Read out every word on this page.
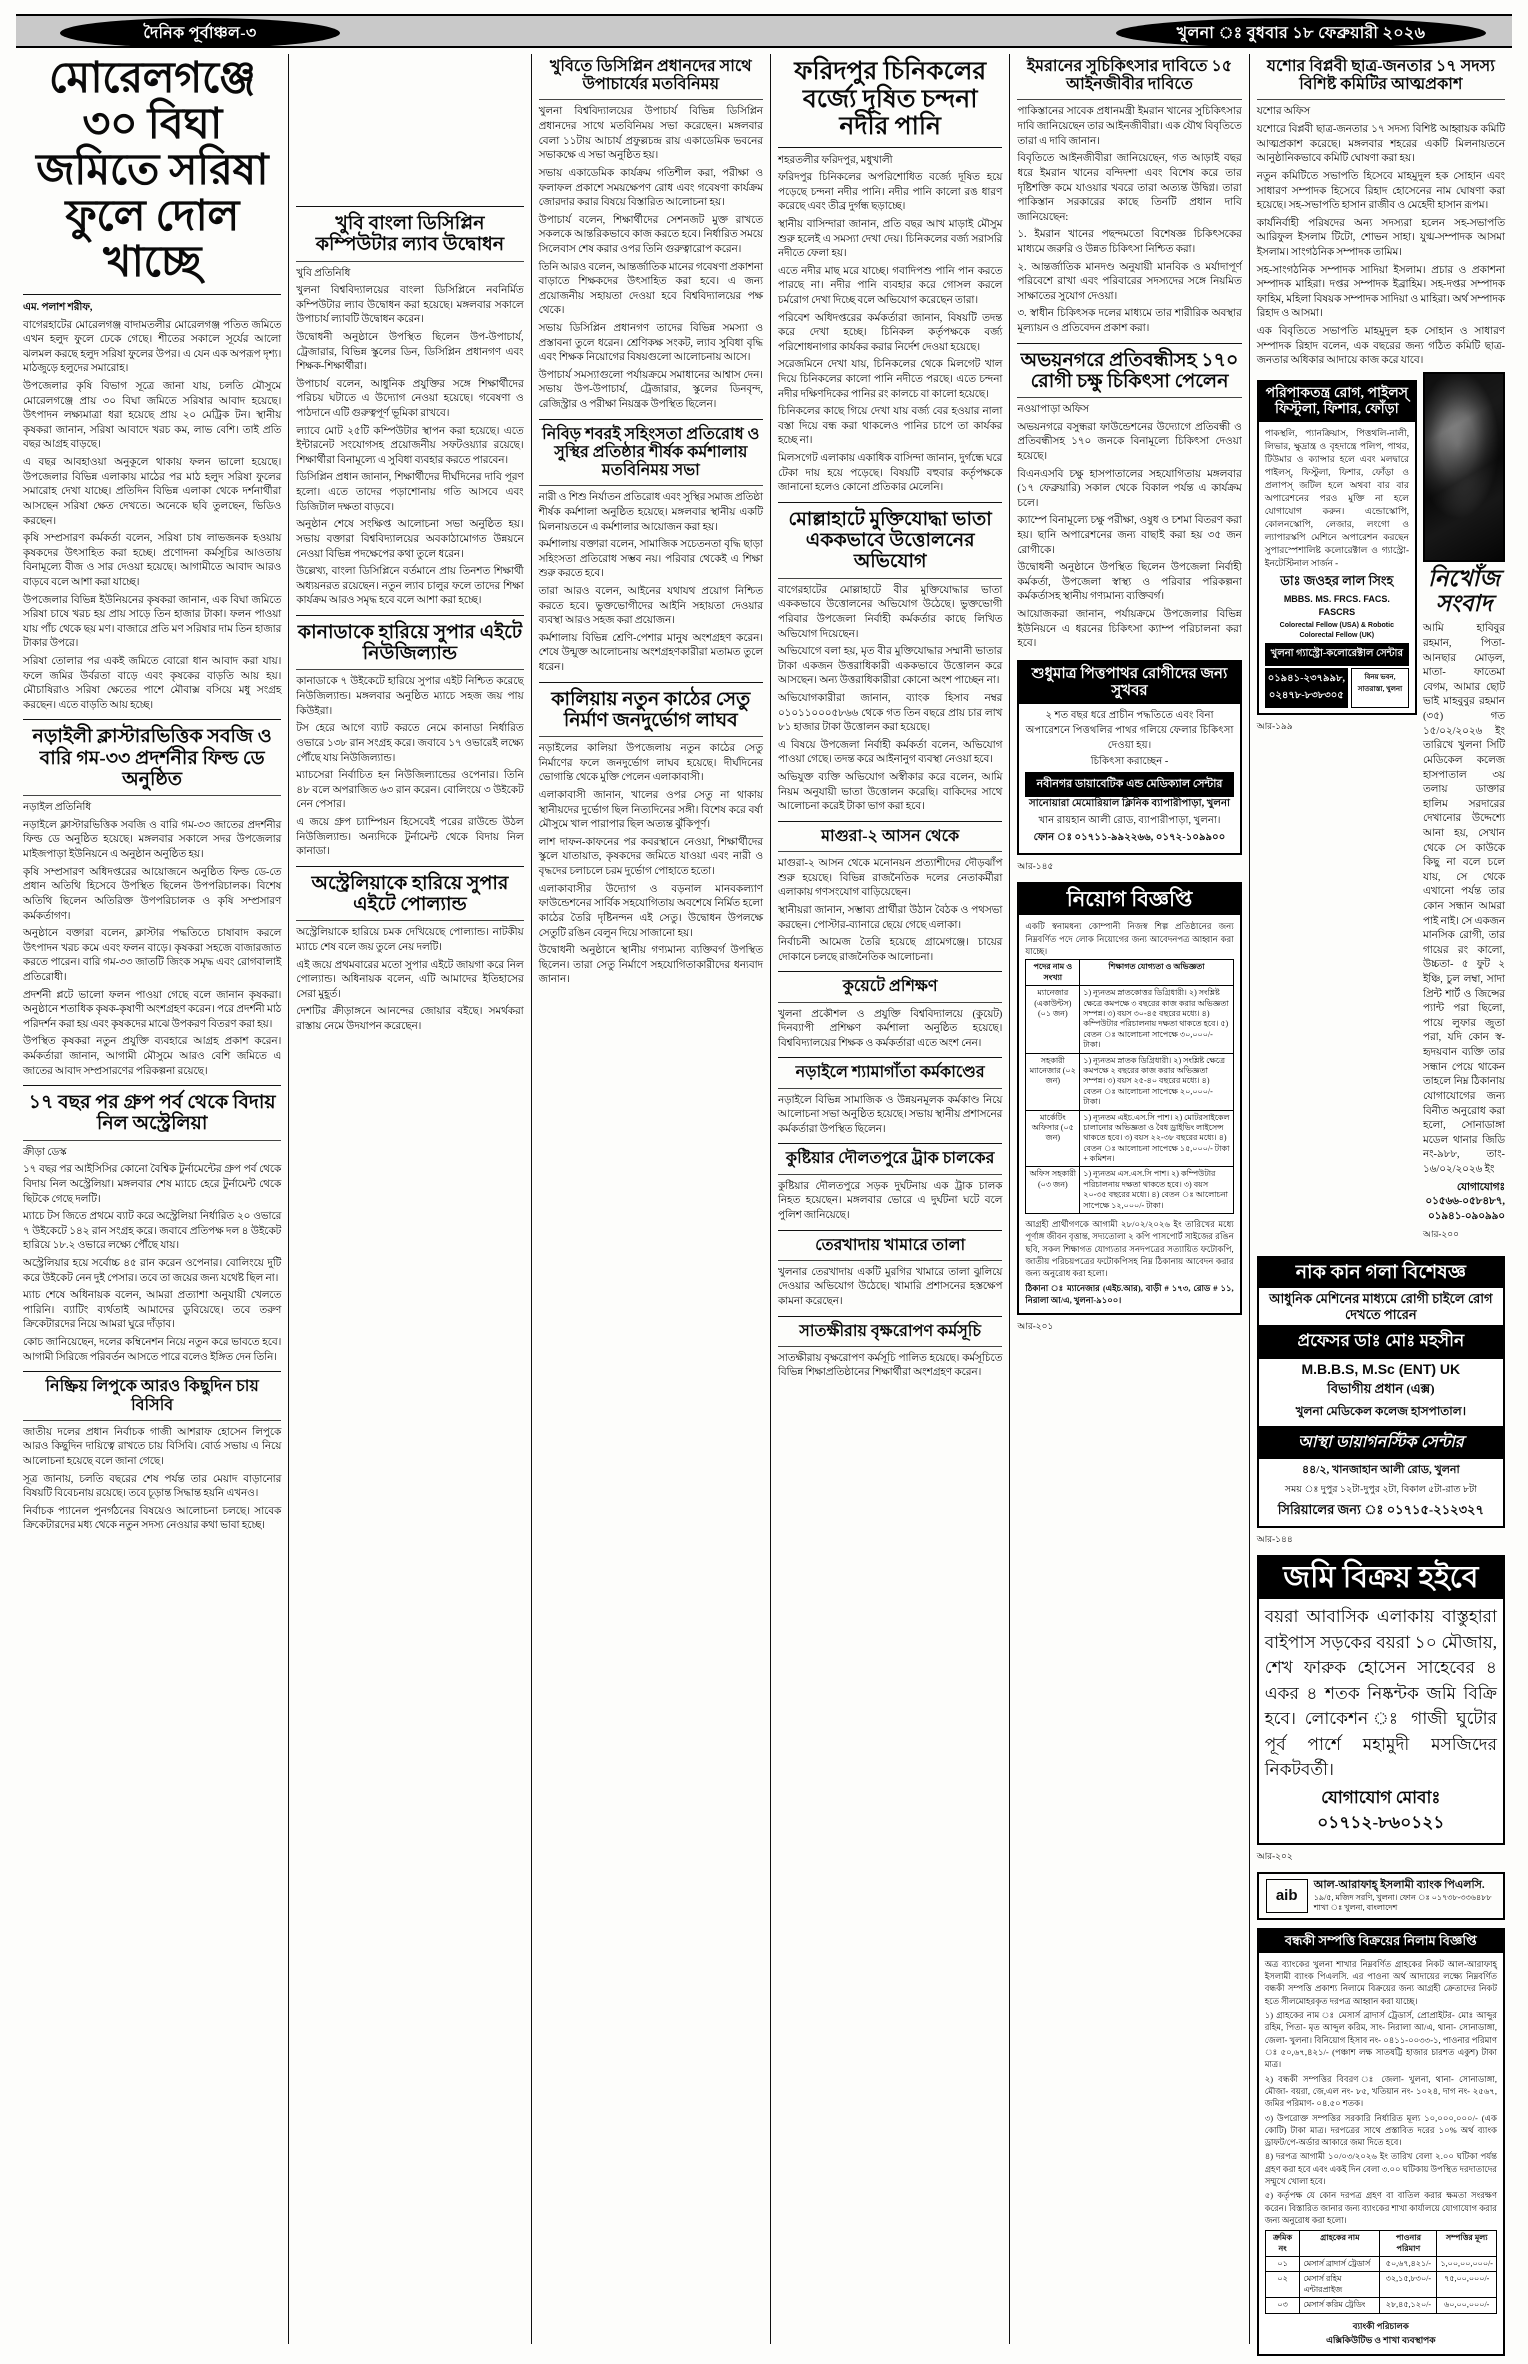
দৈনিক পূর্বাঞ্চল-৩	খুলনা ঃ বুধবার ১৮ ফেব্রুয়ারী ২০২৬
মোরেলগঞ্জে ৩০ বিঘা জমিতে সরিষা ফুলে দোল খাচ্ছে

এম. পলাশ শরীফ,

বাগেরহাটের মোরেলগঞ্জ বাদামতলীর মোরেলগঞ্জ পতিত জমিতে এখন হলুদ ফুলে ঢেকে গেছে। শীতের সকালে সূর্যের আলো ঝলমল করছে হলুদ সরিষা ফুলের উপর। এ যেন এক অপরূপ দৃশ্য। মাঠজুড়ে হলুদের সমারোহ।

উপজেলার কৃষি বিভাগ সূত্রে জানা যায়, চলতি মৌসুমে মোরেলগঞ্জে প্রায় ৩০ বিঘা জমিতে সরিষার আবাদ হয়েছে। উৎপাদন লক্ষ্যমাত্রা ধরা হয়েছে প্রায় ২০ মেট্রিক টন। স্থানীয় কৃষকরা জানান, সরিষা আবাদে খরচ কম, লাভ বেশি। তাই প্রতি বছর আগ্রহ বাড়ছে।

এ বছর আবহাওয়া অনুকূলে থাকায় ফলন ভালো হয়েছে। উপজেলার বিভিন্ন এলাকায় মাঠের পর মাঠ হলুদ সরিষা ফুলের সমারোহ দেখা যাচ্ছে। প্রতিদিন বিভিন্ন এলাকা থেকে দর্শনার্থীরা আসছেন সরিষা ক্ষেত দেখতে। অনেকে ছবি তুলছেন, ভিডিও করছেন।

কৃষি সম্প্রসারণ কর্মকর্তা বলেন, সরিষা চাষ লাভজনক হওয়ায় কৃষকদের উৎসাহিত করা হচ্ছে। প্রণোদনা কর্মসূচির আওতায় বিনামূল্যে বীজ ও সার দেওয়া হয়েছে। আগামীতে আবাদ আরও বাড়বে বলে আশা করা যাচ্ছে।

উপজেলার বিভিন্ন ইউনিয়নের কৃষকরা জানান, এক বিঘা জমিতে সরিষা চাষে খরচ হয় প্রায় সাড়ে তিন হাজার টাকা। ফলন পাওয়া যায় পাঁচ থেকে ছয় মণ। বাজারে প্রতি মণ সরিষার দাম তিন হাজার টাকার উপরে।

সরিষা তোলার পর একই জমিতে বোরো ধান আবাদ করা যায়। ফলে জমির উর্বরতা বাড়ে এবং কৃষকের বাড়তি আয় হয়। মৌচাষিরাও সরিষা ক্ষেতের পাশে মৌবাক্স বসিয়ে মধু সংগ্রহ করছেন। এতে বাড়তি আয় হচ্ছে।

নড়াইলী ক্লাস্টারভিত্তিক সবজি ও বারি গম-৩৩ প্রদর্শনীর ফিল্ড ডে অনুষ্ঠিত

নড়াইল প্রতিনিধি

নড়াইলে ক্লাস্টারভিত্তিক সবজি ও বারি গম-৩৩ জাতের প্রদর্শনীর ফিল্ড ডে অনুষ্ঠিত হয়েছে। মঙ্গলবার সকালে সদর উপজেলার মাইজপাড়া ইউনিয়নে এ অনুষ্ঠান অনুষ্ঠিত হয়।

কৃষি সম্প্রসারণ অধিদপ্তরের আয়োজনে অনুষ্ঠিত ফিল্ড ডে-তে প্রধান অতিথি হিসেবে উপস্থিত ছিলেন উপপরিচালক। বিশেষ অতিথি ছিলেন অতিরিক্ত উপপরিচালক ও কৃষি সম্প্রসারণ কর্মকর্তাগণ।

অনুষ্ঠানে বক্তারা বলেন, ক্লাস্টার পদ্ধতিতে চাষাবাদ করলে উৎপাদন খরচ কমে এবং ফলন বাড়ে। কৃষকরা সহজে বাজারজাত করতে পারেন। বারি গম-৩৩ জাতটি জিংক সমৃদ্ধ এবং রোগবালাই প্রতিরোধী।

প্রদর্শনী প্লটে ভালো ফলন পাওয়া গেছে বলে জানান কৃষকরা। অনুষ্ঠানে শতাধিক কৃষক-কৃষাণী অংশগ্রহণ করেন। পরে প্রদর্শনী মাঠ পরিদর্শন করা হয় এবং কৃষকদের মাঝে উপকরণ বিতরণ করা হয়।

উপস্থিত কৃষকরা নতুন প্রযুক্তি ব্যবহারে আগ্রহ প্রকাশ করেন। কর্মকর্তারা জানান, আগামী মৌসুমে আরও বেশি জমিতে এ জাতের আবাদ সম্প্রসারণের পরিকল্পনা রয়েছে।

১৭ বছর পর গ্রুপ পর্ব থেকে বিদায় নিল অস্ট্রেলিয়া

ক্রীড়া ডেস্ক

১৭ বছর পর আইসিসির কোনো বৈশ্বিক টুর্নামেন্টের গ্রুপ পর্ব থেকে বিদায় নিল অস্ট্রেলিয়া। মঙ্গলবার শেষ ম্যাচে হেরে টুর্নামেন্ট থেকে ছিটকে গেছে দলটি।

ম্যাচে টস জিতে প্রথমে ব্যাট করে অস্ট্রেলিয়া নির্ধারিত ২০ ওভারে ৭ উইকেটে ১৪২ রান সংগ্রহ করে। জবাবে প্রতিপক্ষ দল ৪ উইকেট হারিয়ে ১৮.২ ওভারে লক্ষ্যে পৌঁছে যায়।

অস্ট্রেলিয়ার হয়ে সর্বোচ্চ ৪৫ রান করেন ওপেনার। বোলিংয়ে দুটি করে উইকেট নেন দুই পেসার। তবে তা জয়ের জন্য যথেষ্ট ছিল না।

ম্যাচ শেষে অধিনায়ক বলেন, আমরা প্রত্যাশা অনুযায়ী খেলতে পারিনি। ব্যাটিং ব্যর্থতাই আমাদের ডুবিয়েছে। তবে তরুণ ক্রিকেটারদের নিয়ে আমরা ঘুরে দাঁড়াব।

কোচ জানিয়েছেন, দলের কম্বিনেশন নিয়ে নতুন করে ভাবতে হবে। আগামী সিরিজে পরিবর্তন আসতে পারে বলেও ইঙ্গিত দেন তিনি।

নিষ্ক্রিয় লিপুকে আরও কিছুদিন চায় বিসিবি

জাতীয় দলের প্রধান নির্বাচক গাজী আশরাফ হোসেন লিপুকে আরও কিছুদিন দায়িত্বে রাখতে চায় বিসিবি। বোর্ড সভায় এ নিয়ে আলোচনা হয়েছে বলে জানা গেছে।

সূত্র জানায়, চলতি বছরের শেষ পর্যন্ত তার মেয়াদ বাড়ানোর বিষয়টি বিবেচনায় রয়েছে। তবে চূড়ান্ত সিদ্ধান্ত হয়নি এখনও।

নির্বাচক প্যানেল পুনর্গঠনের বিষয়েও আলোচনা চলছে। সাবেক ক্রিকেটারদের মধ্য থেকে নতুন সদস্য নেওয়ার কথা ভাবা হচ্ছে।

খুবি বাংলা ডিসিপ্লিন কম্পিউটার ল্যাব উদ্বোধন

খুবি প্রতিনিধি

খুলনা বিশ্ববিদ্যালয়ের বাংলা ডিসিপ্লিনে নবনির্মিত কম্পিউটার ল্যাব উদ্বোধন করা হয়েছে। মঙ্গলবার সকালে উপাচার্য ল্যাবটি উদ্বোধন করেন।

উদ্বোধনী অনুষ্ঠানে উপস্থিত ছিলেন উপ-উপাচার্য, ট্রেজারার, বিভিন্ন স্কুলের ডিন, ডিসিপ্লিন প্রধানগণ এবং শিক্ষক-শিক্ষার্থীরা।

উপাচার্য বলেন, আধুনিক প্রযুক্তির সঙ্গে শিক্ষার্থীদের পরিচয় ঘটাতে এ উদ্যোগ নেওয়া হয়েছে। গবেষণা ও পাঠদানে এটি গুরুত্বপূর্ণ ভূমিকা রাখবে।

ল্যাবে মোট ২৫টি কম্পিউটার স্থাপন করা হয়েছে। এতে ইন্টারনেট সংযোগসহ প্রয়োজনীয় সফটওয়্যার রয়েছে। শিক্ষার্থীরা বিনামূল্যে এ সুবিধা ব্যবহার করতে পারবেন।

ডিসিপ্লিন প্রধান জানান, শিক্ষার্থীদের দীর্ঘদিনের দাবি পূরণ হলো। এতে তাদের পড়াশোনায় গতি আসবে এবং ডিজিটাল দক্ষতা বাড়বে।

অনুষ্ঠান শেষে সংক্ষিপ্ত আলোচনা সভা অনুষ্ঠিত হয়। সভায় বক্তারা বিশ্ববিদ্যালয়ের অবকাঠামোগত উন্নয়নে নেওয়া বিভিন্ন পদক্ষেপের কথা তুলে ধরেন।

উল্লেখ্য, বাংলা ডিসিপ্লিনে বর্তমানে প্রায় তিনশত শিক্ষার্থী অধ্যয়নরত রয়েছেন। নতুন ল্যাব চালুর ফলে তাদের শিক্ষা কার্যক্রম আরও সমৃদ্ধ হবে বলে আশা করা হচ্ছে।

কানাডাকে হারিয়ে সুপার এইটে নিউজিল্যান্ড

কানাডাকে ৭ উইকেটে হারিয়ে সুপার এইট নিশ্চিত করেছে নিউজিল্যান্ড। মঙ্গলবার অনুষ্ঠিত ম্যাচে সহজ জয় পায় কিউইরা।

টস হেরে আগে ব্যাট করতে নেমে কানাডা নির্ধারিত ওভারে ১৩৮ রান সংগ্রহ করে। জবাবে ১৭ ওভারেই লক্ষ্যে পৌঁছে যায় নিউজিল্যান্ড।

ম্যাচসেরা নির্বাচিত হন নিউজিল্যান্ডের ওপেনার। তিনি ৪৮ বলে অপরাজিত ৬৩ রান করেন। বোলিংয়ে ৩ উইকেট নেন পেসার।

এ জয়ে গ্রুপ চ্যাম্পিয়ন হিসেবেই পরের রাউন্ডে উঠল নিউজিল্যান্ড। অন্যদিকে টুর্নামেন্ট থেকে বিদায় নিল কানাডা।

অস্ট্রেলিয়াকে হারিয়ে সুপার এইটে পোল্যান্ড

অস্ট্রেলিয়াকে হারিয়ে চমক দেখিয়েছে পোল্যান্ড। নাটকীয় ম্যাচে শেষ বলে জয় তুলে নেয় দলটি।

এই জয়ে প্রথমবারের মতো সুপার এইটে জায়গা করে নিল পোল্যান্ড। অধিনায়ক বলেন, এটি আমাদের ইতিহাসের সেরা মুহূর্ত।

দেশটির ক্রীড়াঙ্গনে আনন্দের জোয়ার বইছে। সমর্থকরা রাস্তায় নেমে উদযাপন করেছেন।

খুবিতে ডিসিপ্লিন প্রধানদের সাথে উপাচার্যের মতবিনিময়

খুলনা বিশ্ববিদ্যালয়ের উপাচার্য বিভিন্ন ডিসিপ্লিন প্রধানদের সাথে মতবিনিময় সভা করেছেন। মঙ্গলবার বেলা ১১টায় আচার্য প্রফুল্লচন্দ্র রায় একাডেমিক ভবনের সভাকক্ষে এ সভা অনুষ্ঠিত হয়।

সভায় একাডেমিক কার্যক্রম গতিশীল করা, পরীক্ষা ও ফলাফল প্রকাশে সময়ক্ষেপণ রোধ এবং গবেষণা কার্যক্রম জোরদার করার বিষয়ে বিস্তারিত আলোচনা হয়।

উপাচার্য বলেন, শিক্ষার্থীদের সেশনজট মুক্ত রাখতে সকলকে আন্তরিকভাবে কাজ করতে হবে। নির্ধারিত সময়ে সিলেবাস শেষ করার ওপর তিনি গুরুত্বারোপ করেন।

তিনি আরও বলেন, আন্তর্জাতিক মানের গবেষণা প্রকাশনা বাড়াতে শিক্ষকদের উৎসাহিত করা হবে। এ জন্য প্রয়োজনীয় সহায়তা দেওয়া হবে বিশ্ববিদ্যালয়ের পক্ষ থেকে।

সভায় ডিসিপ্লিন প্রধানগণ তাদের বিভিন্ন সমস্যা ও প্রস্তাবনা তুলে ধরেন। শ্রেণিকক্ষ সংকট, ল্যাব সুবিধা বৃদ্ধি এবং শিক্ষক নিয়োগের বিষয়গুলো আলোচনায় আসে।

উপাচার্য সমস্যাগুলো পর্যায়ক্রমে সমাধানের আশ্বাস দেন। সভায় উপ-উপাচার্য, ট্রেজারার, স্কুলের ডিনবৃন্দ, রেজিস্ট্রার ও পরীক্ষা নিয়ন্ত্রক উপস্থিত ছিলেন।

নিবিড় শবরই সহিংসতা প্রতিরোধ ও সুস্থির প্রতিষ্ঠার শীর্ষক কর্মশালায় মতবিনিময় সভা

নারী ও শিশু নির্যাতন প্রতিরোধ এবং সুস্থির সমাজ প্রতিষ্ঠা শীর্ষক কর্মশালা অনুষ্ঠিত হয়েছে। মঙ্গলবার স্থানীয় একটি মিলনায়তনে এ কর্মশালার আয়োজন করা হয়।

কর্মশালায় বক্তারা বলেন, সামাজিক সচেতনতা বৃদ্ধি ছাড়া সহিংসতা প্রতিরোধ সম্ভব নয়। পরিবার থেকেই এ শিক্ষা শুরু করতে হবে।

তারা আরও বলেন, আইনের যথাযথ প্রয়োগ নিশ্চিত করতে হবে। ভুক্তভোগীদের আইনি সহায়তা দেওয়ার ব্যবস্থা আরও সহজ করা প্রয়োজন।

কর্মশালায় বিভিন্ন শ্রেণি-পেশার মানুষ অংশগ্রহণ করেন। শেষে উন্মুক্ত আলোচনায় অংশগ্রহণকারীরা মতামত তুলে ধরেন।

কালিয়ায় নতুন কাঠের সেতু নির্মাণ জনদুর্ভোগ লাঘব

নড়াইলের কালিয়া উপজেলায় নতুন কাঠের সেতু নির্মাণের ফলে জনদুর্ভোগ লাঘব হয়েছে। দীর্ঘদিনের ভোগান্তি থেকে মুক্তি পেলেন এলাকাবাসী।

এলাকাবাসী জানান, খালের ওপর সেতু না থাকায় স্থানীয়দের দুর্ভোগ ছিল নিত্যদিনের সঙ্গী। বিশেষ করে বর্ষা মৌসুমে খাল পারাপার ছিল অত্যন্ত ঝুঁকিপূর্ণ।

লাশ দাফন-কাফনের পর কবরস্থানে নেওয়া, শিক্ষার্থীদের স্কুলে যাতায়াত, কৃষকদের জমিতে যাওয়া এবং নারী ও বৃদ্ধদের চলাচলে চরম দুর্ভোগ পোহাতে হতো।

এলাকাবাসীর উদ্যোগ ও বড়নাল মানবকল্যাণ ফাউন্ডেশনের সার্বিক সহযোগিতায় অবশেষে নির্মিত হলো কাঠের তৈরি দৃষ্টিনন্দন এই সেতু। উদ্বোধন উপলক্ষে সেতুটি রঙিন বেলুন দিয়ে সাজানো হয়।

উদ্বোধনী অনুষ্ঠানে স্থানীয় গণ্যমান্য ব্যক্তিবর্গ উপস্থিত ছিলেন। তারা সেতু নির্মাণে সহযোগিতাকারীদের ধন্যবাদ জানান।

ফরিদপুর চিনিকলের বর্জ্যে দূষিত চন্দনা নদীর পানি

শহরতলীর ফরিদপুর, মধুখালী

ফরিদপুর চিনিকলের অপরিশোধিত বর্জ্যে দূষিত হয়ে পড়েছে চন্দনা নদীর পানি। নদীর পানি কালো রঙ ধারণ করেছে এবং তীব্র দুর্গন্ধ ছড়াচ্ছে।

স্থানীয় বাসিন্দারা জানান, প্রতি বছর আখ মাড়াই মৌসুম শুরু হলেই এ সমস্যা দেখা দেয়। চিনিকলের বর্জ্য সরাসরি নদীতে ফেলা হয়।

এতে নদীর মাছ মরে যাচ্ছে। গবাদিপশু পানি পান করতে পারছে না। নদীর পানি ব্যবহার করে গোসল করলে চর্মরোগ দেখা দিচ্ছে বলে অভিযোগ করেছেন তারা।

পরিবেশ অধিদপ্তরের কর্মকর্তারা জানান, বিষয়টি তদন্ত করে দেখা হচ্ছে। চিনিকল কর্তৃপক্ষকে বর্জ্য পরিশোধনাগার কার্যকর করার নির্দেশ দেওয়া হয়েছে।

সরেজমিনে দেখা যায়, চিনিকলের থেকে মিলগেট খাল দিয়ে চিনিকলের কালো পানি নদীতে পরছে। এতে চন্দনা নদীর দক্ষিণদিকের পানির রং কালচে বা কালো হয়েছে।

চিনিকলের কাছে গিয়ে দেখা যায় বর্জ্য বের হওয়ার নালা বস্তা দিয়ে বন্ধ করা থাকলেও পানির চাপে তা কার্যকর হচ্ছে না।

মিলসগেট এলাকায় একাধিক বাসিন্দা জানান, দুর্গন্ধে ঘরে টেকা দায় হয়ে পড়েছে। বিষয়টি বহুবার কর্তৃপক্ষকে জানানো হলেও কোনো প্রতিকার মেলেনি।

মোল্লাহাটে মুক্তিযোদ্ধা ভাতা এককভাবে উত্তোলনের অভিযোগ

বাগেরহাটের মোল্লাহাটে বীর মুক্তিযোদ্ধার ভাতা এককভাবে উত্তোলনের অভিযোগ উঠেছে। ভুক্তভোগী পরিবার উপজেলা নির্বাহী কর্মকর্তার কাছে লিখিত অভিযোগ দিয়েছেন।

অভিযোগে বলা হয়, মৃত বীর মুক্তিযোদ্ধার সম্মানী ভাতার টাকা একজন উত্তরাধিকারী এককভাবে উত্তোলন করে আসছেন। অন্য উত্তরাধিকারীরা কোনো অংশ পাচ্ছেন না।

অভিযোগকারীরা জানান, ব্যাংক হিসাব নম্বর ০১০১১০০০৫৮৬৬ থেকে গত তিন বছরে প্রায় চার লাখ ৮১ হাজার টাকা উত্তোলন করা হয়েছে।

এ বিষয়ে উপজেলা নির্বাহী কর্মকর্তা বলেন, অভিযোগ পাওয়া গেছে। তদন্ত করে আইনানুগ ব্যবস্থা নেওয়া হবে।

অভিযুক্ত ব্যক্তি অভিযোগ অস্বীকার করে বলেন, আমি নিয়ম অনুযায়ী ভাতা উত্তোলন করেছি। বাকিদের সাথে আলোচনা করেই টাকা ভাগ করা হবে।

মাগুরা-২ আসন থেকে

মাগুরা-২ আসন থেকে মনোনয়ন প্রত্যাশীদের দৌড়ঝাঁপ শুরু হয়েছে। বিভিন্ন রাজনৈতিক দলের নেতাকর্মীরা এলাকায় গণসংযোগ বাড়িয়েছেন।

স্থানীয়রা জানান, সম্ভাব্য প্রার্থীরা উঠান বৈঠক ও পথসভা করছেন। পোস্টার-ব্যানারে ছেয়ে গেছে এলাকা।

নির্বাচনী আমেজ তৈরি হয়েছে গ্রামেগঞ্জে। চায়ের দোকানে চলছে রাজনৈতিক আলোচনা।

কুয়েটে প্রশিক্ষণ

খুলনা প্রকৌশল ও প্রযুক্তি বিশ্ববিদ্যালয়ে (কুয়েট) দিনব্যাপী প্রশিক্ষণ কর্মশালা অনুষ্ঠিত হয়েছে। বিশ্ববিদ্যালয়ের শিক্ষক ও কর্মকর্তারা এতে অংশ নেন।

নড়াইলে শ্যামাগাঁতা কর্মকাণ্ডের

নড়াইলে বিভিন্ন সামাজিক ও উন্নয়নমূলক কর্মকাণ্ড নিয়ে আলোচনা সভা অনুষ্ঠিত হয়েছে। সভায় স্থানীয় প্রশাসনের কর্মকর্তারা উপস্থিত ছিলেন।

কুষ্টিয়ার দৌলতপুরে ট্রাক চালকের

কুষ্টিয়ার দৌলতপুরে সড়ক দুর্ঘটনায় এক ট্রাক চালক নিহত হয়েছেন। মঙ্গলবার ভোরে এ দুর্ঘটনা ঘটে বলে পুলিশ জানিয়েছে।

তেরখাদায় খামারে তালা

খুলনার তেরখাদায় একটি মুরগির খামারে তালা ঝুলিয়ে দেওয়ার অভিযোগ উঠেছে। খামারি প্রশাসনের হস্তক্ষেপ কামনা করেছেন।

সাতক্ষীরায় বৃক্ষরোপণ কর্মসূচি

সাতক্ষীরায় বৃক্ষরোপণ কর্মসূচি পালিত হয়েছে। কর্মসূচিতে বিভিন্ন শিক্ষাপ্রতিষ্ঠানের শিক্ষার্থীরা অংশগ্রহণ করেন।

ইমরানের সুচিকিৎসার দাবিতে ১৫ আইনজীবীর দাবিতে

পাকিস্তানের সাবেক প্রধানমন্ত্রী ইমরান খানের সুচিকিৎসার দাবি জানিয়েছেন তার আইনজীবীরা। এক যৌথ বিবৃতিতে তারা এ দাবি জানান।

বিবৃতিতে আইনজীবীরা জানিয়েছেন, গত আড়াই বছর ধরে ইমরান খানের বন্দিদশা এবং বিশেষ করে তার দৃষ্টিশক্তি কমে যাওয়ার খবরে তারা অত্যন্ত উদ্বিগ্ন। তারা পাকিস্তান সরকারের কাছে তিনটি প্রধান দাবি জানিয়েছেন:

১. ইমরান খানের পছন্দমতো বিশেষজ্ঞ চিকিৎসকের মাধ্যমে জরুরি ও উন্নত চিকিৎসা নিশ্চিত করা।

২. আন্তর্জাতিক মানদণ্ড অনুযায়ী মানবিক ও মর্যাদাপূর্ণ পরিবেশে রাখা এবং পরিবারের সদস্যদের সঙ্গে নিয়মিত সাক্ষাতের সুযোগ দেওয়া।

৩. স্বাধীন চিকিৎসক দলের মাধ্যমে তার শারীরিক অবস্থার মূল্যায়ন ও প্রতিবেদন প্রকাশ করা।

অভয়নগরে প্রতিবন্ধীসহ ১৭০ রোগী চক্ষু চিকিৎসা পেলেন

নওয়াপাড়া অফিস

অভয়নগরে বসুন্ধরা ফাউন্ডেশনের উদ্যোগে প্রতিবন্ধী ও প্রতিবন্ধীসহ ১৭০ জনকে বিনামূল্যে চিকিৎসা দেওয়া হয়েছে।

বিএনএসবি চক্ষু হাসপাতালের সহযোগিতায় মঙ্গলবার (১৭ ফেব্রুয়ারি) সকাল থেকে বিকাল পর্যন্ত এ কার্যক্রম চলে।

ক্যাম্পে বিনামূল্যে চক্ষু পরীক্ষা, ওষুধ ও চশমা বিতরণ করা হয়। ছানি অপারেশনের জন্য বাছাই করা হয় ৩৫ জন রোগীকে।

উদ্বোধনী অনুষ্ঠানে উপস্থিত ছিলেন উপজেলা নির্বাহী কর্মকর্তা, উপজেলা স্বাস্থ্য ও পরিবার পরিকল্পনা কর্মকর্তাসহ স্থানীয় গণ্যমান্য ব্যক্তিবর্গ।

আয়োজকরা জানান, পর্যায়ক্রমে উপজেলার বিভিন্ন ইউনিয়নে এ ধরনের চিকিৎসা ক্যাম্প পরিচালনা করা হবে।

শুধুমাত্র পিত্তপাথর রোগীদের জন্য সুখবর

২ শত বছর ধরে প্রাচীন পদ্ধতিতে এবং বিনা অপারেশনে পিত্তথলির পাথর গলিয়ে ফেলার চিকিৎসা দেওয়া হয়।

চিকিৎসা করাচ্ছেন -

নবীনগর ডায়াবেটিক এন্ড মেডিক্যাল সেন্টার

সানোয়ারা মেমোরিয়াল ক্লিনিক ব্যাপারীপাড়া, খুলনা

খান রায়হান আলী রোড, ব্যাপারীপাড়া, খুলনা।

ফোন ঃ ০১৭১১-৯৯২২৬৬, ০১৭২-১০৯৯০০

আর-১৪৫
নিয়োগ বিজ্ঞপ্তি

একটি স্বনামধন্য কোম্পানী নিজস্ব শিল্প প্রতিষ্ঠানের জন্য নিম্নবর্ণিত পদে লোক নিয়োগের জন্য আবেদনপত্র আহ্বান করা যাচ্ছে।

পদের নাম ও সংখ্যা	শিক্ষাগত যোগ্যতা ও অভিজ্ঞতা
ম্যানেজার (একাউন্টস) (০১ জন)	১) ন্যূনতম স্নাতকোত্তর ডিগ্রিধারী। ২) সংশ্লিষ্ট ক্ষেত্রে কমপক্ষে ৩ বছরের কাজ করার অভিজ্ঞতা সম্পন্ন। ৩) বয়স ৩০-৪৫ বছরের মধ্যে। ৪) কম্পিউটার পরিচালনায় দক্ষতা থাকতে হবে। ৫) বেতন ঃ আলোচনা সাপেক্ষে ৩০,০০০/- টাকা।
সহকারী ম্যানেজার (০২ জন)	১) ন্যূনতম স্নাতক ডিগ্রিধারী। ২) সংশ্লিষ্ট ক্ষেত্রে কমপক্ষে ২ বছরের কাজ করার অভিজ্ঞতা সম্পন্ন। ৩) বয়স ২৫-৪০ বছরের মধ্যে। ৪) বেতন ঃ আলোচনা সাপেক্ষে ২০,০০০/- টাকা।
মার্কেটিং অফিসার (০৫ জন)	১) ন্যূনতম এইচ.এস.সি পাশ। ২) মোটরসাইকেল চালানোর অভিজ্ঞতা ও বৈধ ড্রাইভিং লাইসেন্স থাকতে হবে। ৩) বয়স ২২-৩৮ বছরের মধ্যে। ৪) বেতন ঃ আলোচনা সাপেক্ষে ১৫,০০০/- টাকা + কমিশন।
অফিস সহকারী (০৩ জন)	১) ন্যূনতম এস.এস.সি পাশ। ২) কম্পিউটার পরিচালনায় দক্ষতা থাকতে হবে। ৩) বয়স ২০-৩৫ বছরের মধ্যে। ৪) বেতন ঃ আলোচনা সাপেক্ষে ১২,০০০/- টাকা।

আগ্রহী প্রার্থীগণকে আগামী ২৮/০২/২০২৬ ইং তারিখের মধ্যে পূর্ণাঙ্গ জীবন বৃত্তান্ত, সদ্যতোলা ২ কপি পাসপোর্ট সাইজের রঙিন ছবি, সকল শিক্ষাগত যোগ্যতার সনদপত্রের সত্যায়িত ফটোকপি, জাতীয় পরিচয়পত্রের ফটোকপিসহ নিম্ন ঠিকানায় আবেদন করার জন্য অনুরোধ করা হলো।

ঠিকানা ঃ ম্যানেজার (এইচ.আর), বাড়ী # ১৭৩, রোড # ১১, নিরালা আ/এ, খুলনা-৯১০০।

আর-২০১
যশোর বিপ্লবী ছাত্র-জনতার ১৭ সদস্য বিশিষ্ট কমিটির আত্মপ্রকাশ

যশোর অফিস

যশোরে বিপ্লবী ছাত্র-জনতার ১৭ সদস্য বিশিষ্ট আহ্বায়ক কমিটি আত্মপ্রকাশ করেছে। মঙ্গলবার শহরের একটি মিলনায়তনে আনুষ্ঠানিকভাবে কমিটি ঘোষণা করা হয়।

নতুন কমিটিতে সভাপতি হিসেবে মাহমুদুল হক সোহান এবং সাধারণ সম্পাদক হিসেবে রিহাদ হোসেনের নাম ঘোষণা করা হয়েছে। সহ-সভাপতি হাসান রাজীব ও মেহেদী হাসান রূপম।

কার্যনির্বাহী পরিষদের অন্য সদস্যরা হলেন সহ-সভাপতি আরিফুল ইসলাম টিটো, শোভন সাহা। যুগ্ম-সম্পাদক আসমা ইসলাম। সাংগঠনিক সম্পাদক তামিম।

সহ-সাংগঠনিক সম্পাদক সাদিয়া ইসলাম। প্রচার ও প্রকাশনা সম্পাদক মাহিরা। দপ্তর সম্পাদক ইব্রাহিম। সহ-দপ্তর সম্পাদক ফাহিম, মহিলা বিষয়ক সম্পাদক সাদিয়া ও মাহিরা। অর্থ সম্পাদক রিহাদ ও আসমা।

এক বিবৃতিতে সভাপতি মাহমুদুল হক সোহান ও সাধারণ সম্পাদক রিহাদ বলেন, এক বছরের জন্য গঠিত কমিটি ছাত্র-জনতার অধিকার আদায়ে কাজ করে যাবে।

পরিপাকতন্ত্র রোগ, পাইলস্ ফিস্টুলা, ফিশার, ফোঁড়া

পাকস্থলি, প্যানক্রিয়াস, পিত্তথলি-নালী, লিভার, ক্ষুদ্রান্ত্র ও বৃহদান্ত্রে পলিপ, পাথর, টিউমার ও ক্যান্সার হলে এবং মলদ্বারে পাইলস্, ফিস্টুলা, ফিশার, ফোঁড়া ও প্রলাপস্ জটিল হলে অথবা বার বার অপারেশনের পরও মুক্তি না হলে যোগাযোগ করুন। এন্ডোস্কোপি, কোলনস্কোপি, লেজার, লংগো ও ল্যাপারস্কপি মেশিনে অপারেশন করছেন সুপারস্পেশালিষ্ট কলোরেক্টাল ও গ্যাস্ট্রো-ইনটেস্টিনাল সার্জন -

ডাঃ জওহর লাল সিংহ

MBBS. MS. FRCS. FACS. FASCRS

Colorectal Fellow (USA) & Robotic Colorectal Fellow (UK)

খুলনা গ্যাস্ট্রো-কলোরেক্টাল সেন্টার
০১৯৪১-২৩৭৯৯৮, ০২৪৭৮-৮৩৮৩০৫
বিনয় ভবন, সাতরাস্তা, খুলনা
আর-১৯৯
নিখোঁজ সংবাদ

আমি হাবিবুর রহমান, পিতা- আনছার মোড়ল, মাতা- ফাতেমা বেগম, আমার ছোট ভাই মাহবুবুর রহমান (৩৫) গত ১৫/০২/২০২৬ ইং তারিখে খুলনা সিটি মেডিকেল কলেজ হাসপাতাল ৩য় তলায় ডাক্তার হালিম সরদারের দেখানোর উদ্দেশ্যে আনা হয়, সেখান থেকে সে কাউকে কিছু না বলে চলে যায়, সে থেকে এখানো পর্যন্ত তার কোন সন্ধান আমরা পাই নাই। সে একজন মানসিক রোগী, তার গায়ের রং কালো, উচ্চতা- ৫ ফুট ২ ইঞ্চি, চুল লম্বা, সাদা প্রিন্ট শার্ট ও জিন্সের প্যান্ট পরা ছিলো, পায়ে লুফার জুতা পরা, যদি কোন স্ব-হৃদয়বান ব্যক্তি তার সন্ধান পেয়ে থাকেন তাহলে নিম্ন ঠিকানায় যোগাযোগের জন্য বিনীত অনুরোধ করা হলো, সোনাডাঙ্গা মডেল থানার জিডি নং-৯৮৮, তাং- ১৬/০২/২০২৬ ইং

যোগাযোগঃ ০১৫৬৬-০৫৮৪৮৭, ০১৯৪১-০৯০৯৯০

আর-২০০
নাক কান গলা বিশেষজ্ঞ
আধুনিক মেশিনের মাধ্যমে রোগী চাইলে রোগ দেখতে পারেন
প্রফেসর ডাঃ মোঃ মহসীন
M.B.B.S, M.Sc (ENT) UK
বিভাগীয় প্রধান (এক্স)
খুলনা মেডিকেল কলেজ হাসপাতাল।
আস্থা ডায়াগনস্টিক সেন্টার
৪৪/২, খানজাহান আলী রোড, খুলনা
সময় ঃ দুপুর ১২টা-দুপুর ২টা, বিকাল ৫টা-রাত ৮টা
সিরিয়ালের জন্য ঃ ০১৭১৫-২১২৩২৭
আর-১৪৪
জমি বিক্রয় হইবে

বয়রা আবাসিক এলাকায় বাস্তুহারা বাইপাস সড়কের বয়রা ১০ মৌজায়, শেখ ফারুক হোসেন সাহেবের ৪ একর ৪ শতক নিষ্কন্টক জমি বিক্রি হবে। লোকেশন ঃ গাজী ঘুটোর পূর্ব পার্শে মহামুদী মসজিদের নিকটবর্তী।

যোগাযোগ মোবাঃ ০১৭১২-৮৬০১২১

আর-২০২
aib
আল-আরাফাহ্ ইসলামী ব্যাংক পিএলসি.
১৯/৫, মজিদ সরণি, খুলনা। ফোন ঃ ০১৭৩৮-৩৩৬৪৮৮
শাখা ঃ খুলনা, বাংলাদেশ
বন্ধকী সম্পত্তি বিক্রয়ের নিলাম বিজ্ঞপ্তি

অত্র ব্যাংকের খুলনা শাখার নিম্নবর্ণিত গ্রাহকের নিকট আল-আরাফাহ্ ইসলামী ব্যাংক পিএলসি. এর পাওনা অর্থ আদায়ের লক্ষ্যে নিম্নবর্ণিত বন্ধকী সম্পত্তি প্রকাশ্য নিলামে বিক্রয়ের জন্য আগ্রহী ক্রেতাদের নিকট হতে সীলমোহরকৃত দরপত্র আহ্বান করা যাচ্ছে।

১) গ্রাহকের নাম ঃ মেসার্স ব্রাদার্স ট্রেডার্স, প্রোপ্রাইটর- মোঃ আব্দুর রহিম, পিতা- মৃত আব্দুল করিম, সাং- নিরালা আ/এ, থানা- সোনাডাঙ্গা, জেলা- খুলনা। বিনিয়োগ হিসাব নং- ০৪১১-০০৩৩-১, পাওনার পরিমাণ ঃ ৫০,৬৭,৪২১/- (পঞ্চাশ লক্ষ সাতষট্টি হাজার চারশত একুশ) টাকা মাত্র।

২) বন্ধকী সম্পত্তির বিবরণ ঃ জেলা- খুলনা, থানা- সোনাডাঙ্গা, মৌজা- বয়রা, জে,এল নং- ৮৫, খতিয়ান নং- ১০২৪, দাগ নং- ২৫৬৭, জমির পরিমাণ- ০৪.৫০ শতক।

৩) উপরোক্ত সম্পত্তির সরকারি নির্ধারিত মূল্য ১০,০০০,০০০/- (এক কোটি) টাকা মাত্র। দরপত্রের সাথে প্রস্তাবিত দরের ১০% অর্থ ব্যাংক ড্রাফট/পে-অর্ডার আকারে জমা দিতে হবে।

৪) দরপত্র আগামী ১০/০৩/২০২৬ ইং তারিখ বেলা ২.০০ ঘটিকা পর্যন্ত গ্রহণ করা হবে এবং একই দিন বেলা ৩.০০ ঘটিকায় উপস্থিত দরদাতাদের সম্মুখে খোলা হবে।

৫) কর্তৃপক্ষ যে কোন দরপত্র গ্রহণ বা বাতিল করার ক্ষমতা সংরক্ষণ করেন। বিস্তারিত জানার জন্য ব্যাংকের শাখা কার্যালয়ে যোগাযোগ করার জন্য অনুরোধ করা হলো।

ক্রমিক নং	গ্রাহকের নাম	পাওনার পরিমাণ	সম্পত্তির মূল্য
০১	মেসার্স ব্রাদার্স ট্রেডার্স	৫০,৬৭,৪২১/-	১,০০,০০,০০০/-
০২	মেসার্স রহিম এন্টারপ্রাইজ	৩২,১৫,৮৩০/-	৭৫,০০,০০০/-
০৩	মেসার্স করিম ট্রেডিং	২৮,৪৫,১২০/-	৬০,০০,০০০/-

ব্যাংকী পরিচালক

এক্সিকিউটিভ ও শাখা ব্যবস্থাপক
